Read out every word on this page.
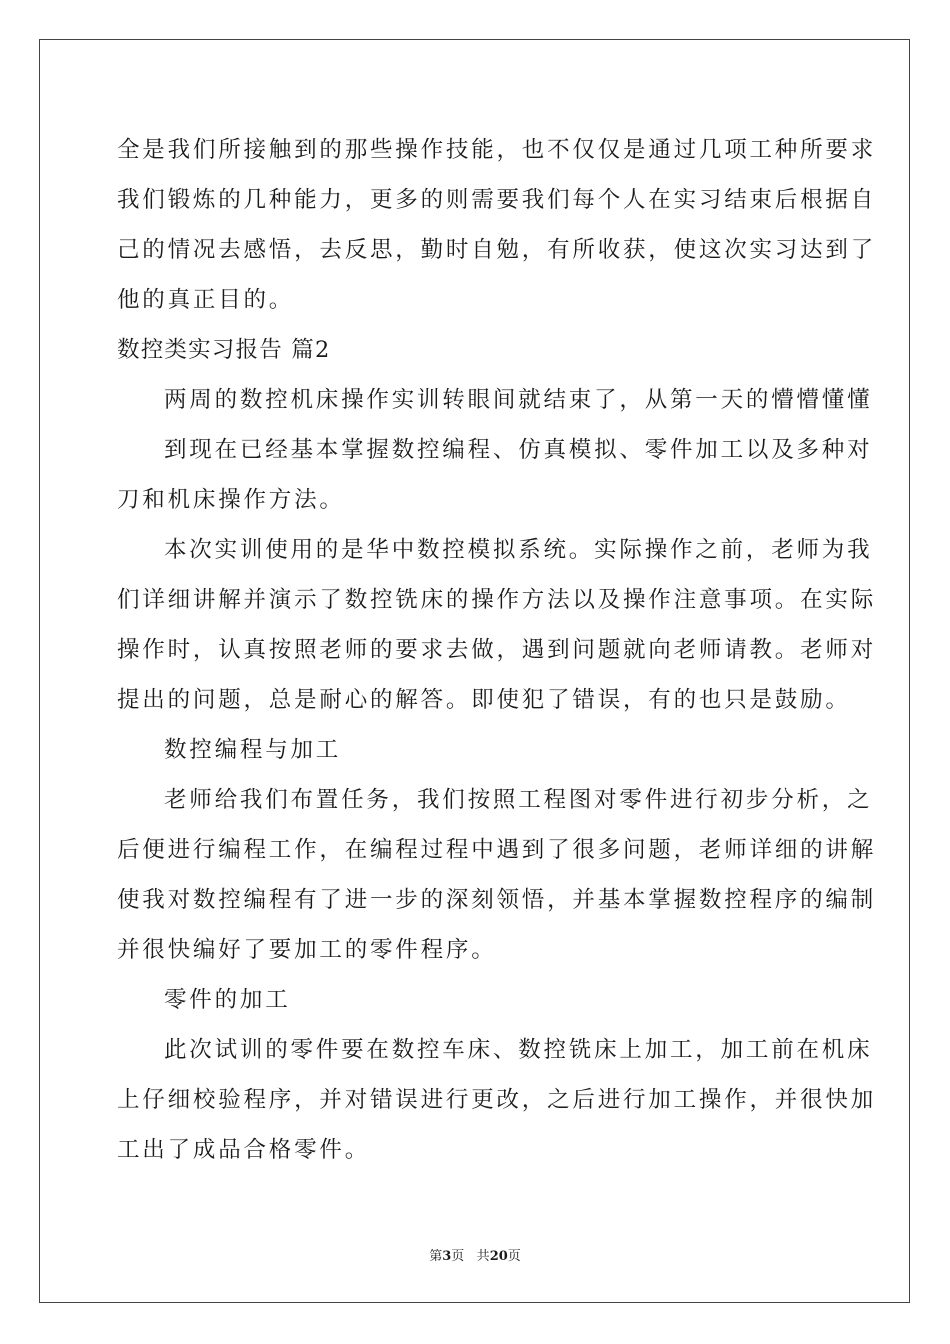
全是我们所接触到的那些操作技能，也不仅仅是通过几项工种所要求
我们锻炼的几种能力，更多的则需要我们每个人在实习结束后根据自
己的情况去感悟，去反思，勤时自勉，有所收获，使这次实习达到了
他的真正目的。
数控类实习报告 篇2
两周的数控机床操作实训转眼间就结束了，从第一天的懵懵懂懂
到现在已经基本掌握数控编程、仿真模拟、零件加工以及多种对
刀和机床操作方法。
本次实训使用的是华中数控模拟系统。实际操作之前，老师为我
们详细讲解并演示了数控铣床的操作方法以及操作注意事项。在实际
操作时，认真按照老师的要求去做，遇到问题就向老师请教。老师对
提出的问题，总是耐心的解答。即使犯了错误，有的也只是鼓励。
数控编程与加工
老师给我们布置任务，我们按照工程图对零件进行初步分析，之
后便进行编程工作，在编程过程中遇到了很多问题，老师详细的讲解
使我对数控编程有了进一步的深刻领悟，并基本掌握数控程序的编制
并很快编好了要加工的零件程序。
零件的加工
此次试训的零件要在数控车床、数控铣床上加工，加工前在机床
上仔细校验程序，并对错误进行更改，之后进行加工操作，并很快加
工出了成品合格零件。
第3页 共20页
